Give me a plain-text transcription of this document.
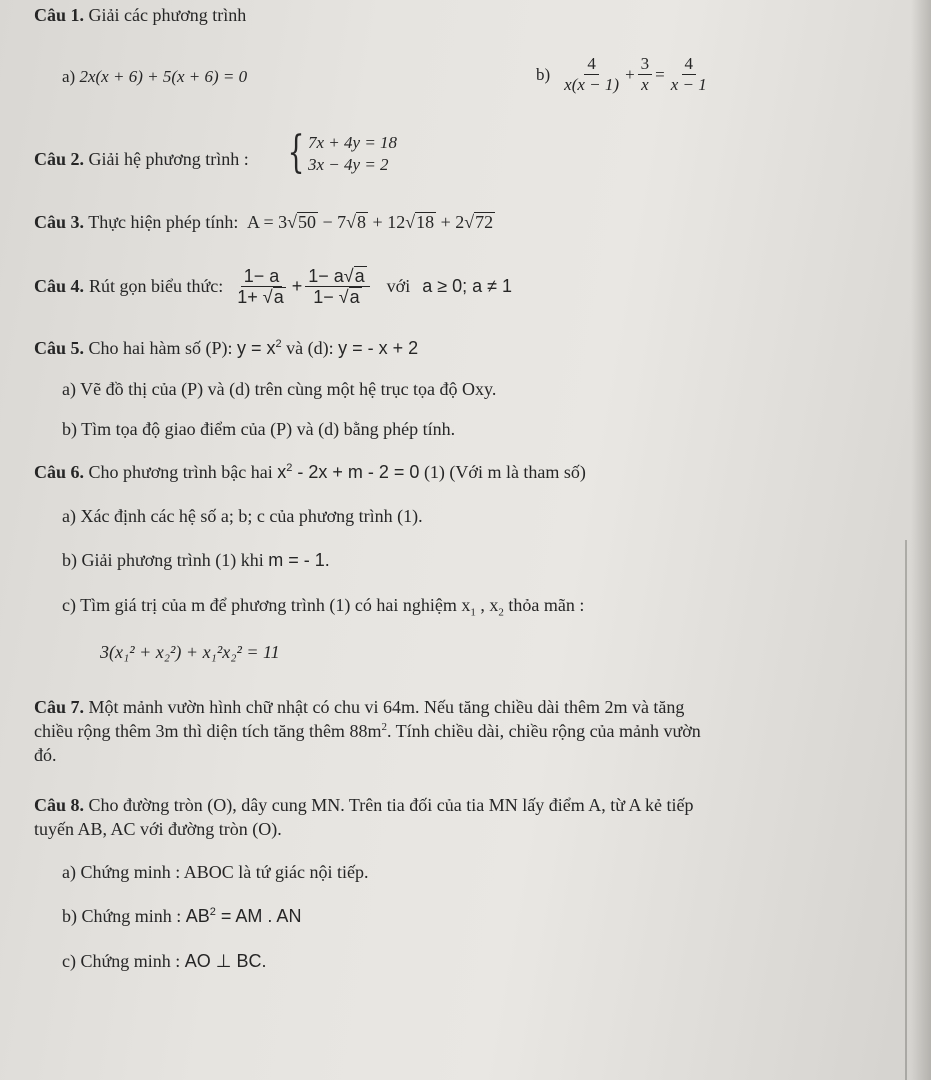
Câu 1. Giải các phương trình
a) 2x(x + 6) + 5(x + 6) = 0	$b) \frac{4}{x(x - 1)} + \frac{3}{x} = \frac{4}{x - 1}$
Câu 2. Giải hệ phương trình : { 7x + 4y = 18
3x − 4y = 2
Câu 3. Thực hiện phép tính: A = 3√50 − 7√8 + 12√18 + 2√72
Câu 4. Rút gọn biểu thức: $\frac{1- a}{1+ √a} + \frac{1- a√a}{1- √a}$ với a ≥ 0; a ≠ 1
Câu 5. Cho hai hàm số (P): $y = x^2$ và (d): y = - x + 2
a) Vẽ đồ thị của (P) và (d) trên cùng một hệ trục tọa độ Oxy.
b) Tìm tọa độ giao điểm của (P) và (d) bằng phép tính.
Câu 6. Cho phương trình bậc hai $x^2 - 2x + m - 2 = 0$ (1) (Với m là tham số)
a) Xác định các hệ số a; b; c của phương trình (1).
b) Giải phương trình (1) khi m = - 1.
c) Tìm giá trị của m để phương trình (1) có hai nghiệm $x_1$ , $x_2$ thỏa mãn :
3(x₁² + x₂²) + x₁²x₂² = 11
Câu 7. Một mảnh vườn hình chữ nhật có chu vi 64m. Nếu tăng chiều dài thêm 2m và tăng
chiều rộng thêm 3m thì diện tích tăng thêm $88m^2$. Tính chiều dài, chiều rộng của mảnh vườn
đó.
Câu 8. Cho đường tròn (O), dây cung MN. Trên tia đối của tia MN lấy điểm A, từ A kẻ tiếp
tuyến AB, AC với đường tròn (O).
a) Chứng minh : ABOC là tứ giác nội tiếp.
b) Chứng minh : $AB^2$ = AM . AN
c) Chứng minh : AO ⊥ BC.
